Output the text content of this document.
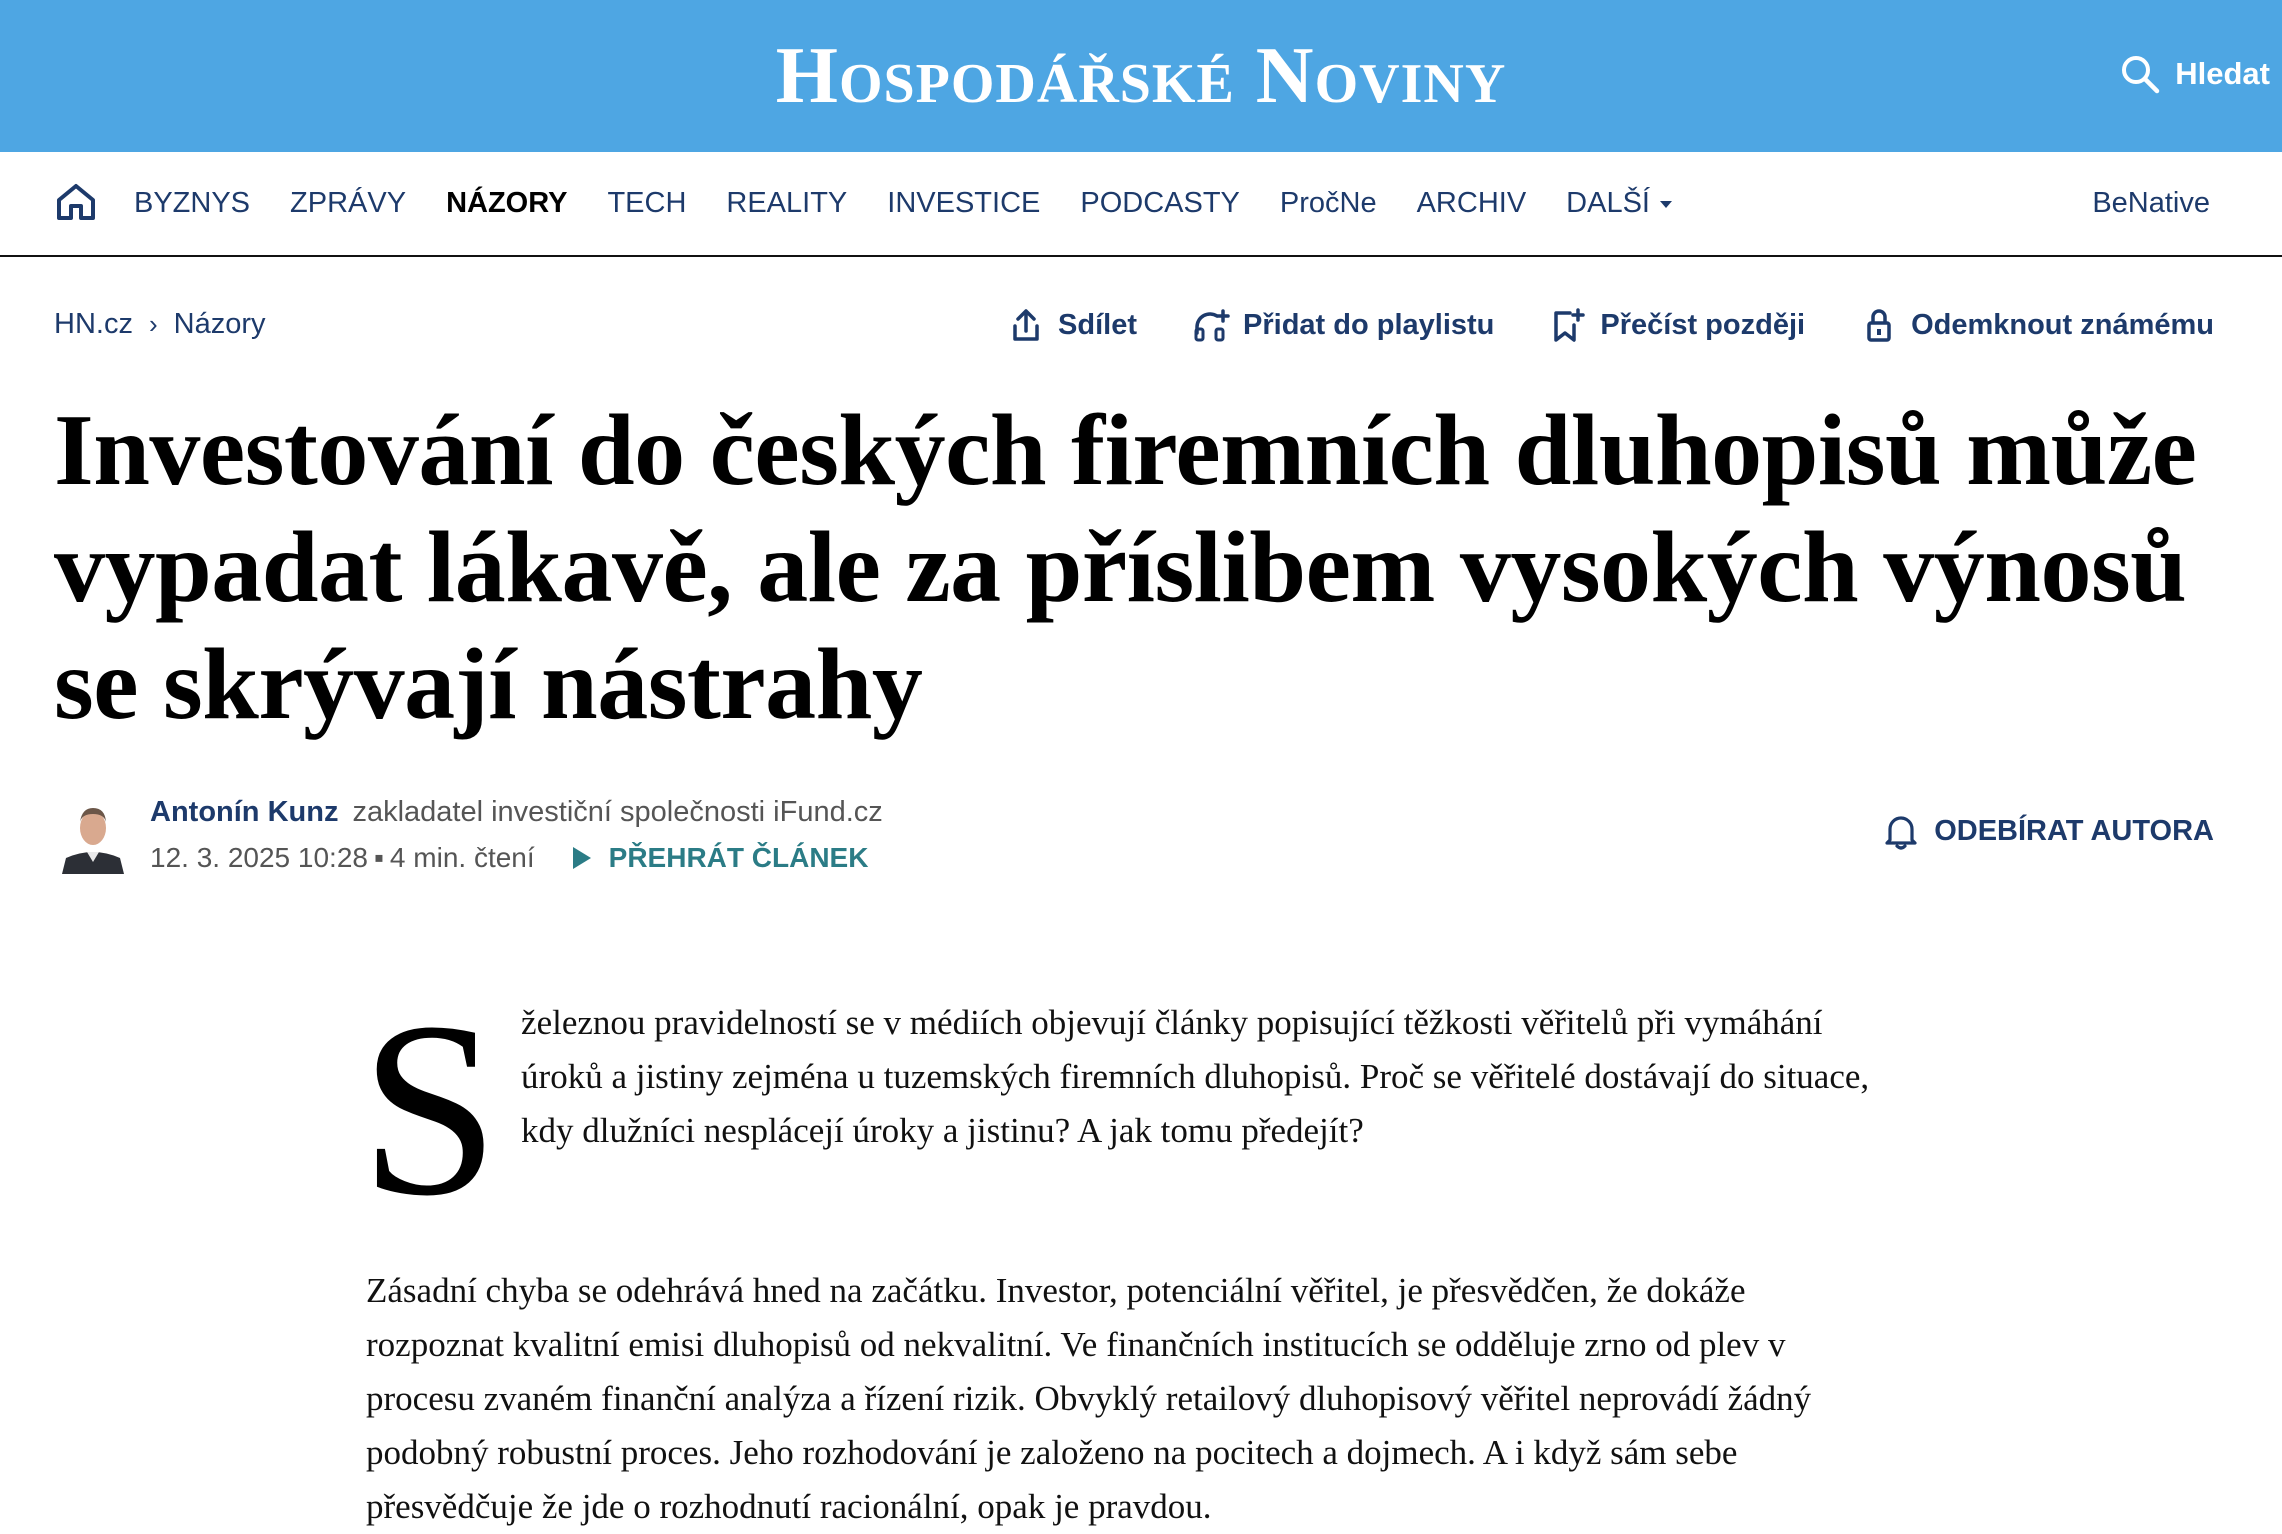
Hospodářské Noviny	Hledat
BYZNYS ZPRÁVY NÁZORY TECH REALITY INVESTICE PODCASTY PročNe ARCHIV DALŠÍ	BeNative
HN.cz › Názory	Sdílet	Přidat do playlistu	Přečíst později	Odemknout známému
Investování do českých firemních dluhopisů může vypadat lákavě, ale za příslibem vysokých výnosů se skrývají nástrahy
Antonín Kunz zakladatel investiční společnosti iFund.cz
12. 3. 2025 10:28 ▪ 4 min. čtení	PŘEHRÁT ČLÁNEK
ODEBÍRAT AUTORA

S železnou pravidelností se v médiích objevují články popisující těžkosti věřitelů při vymáhání úroků a jistiny zejména u tuzemských firemních dluhopisů. Proč se věřitelé dostávají do situace, kdy dlužníci nesplácejí úroky a jistinu? A jak tomu předejít?

Zásadní chyba se odehrává hned na začátku. Investor, potenciální věřitel, je přesvědčen, že dokáže rozpoznat kvalitní emisi dluhopisů od nekvalitní. Ve finančních institucích se odděluje zrno od plev v procesu zvaném finanční analýza a řízení rizik. Obvyklý retailový dluhopisový věřitel neprovádí žádný podobný robustní proces. Jeho rozhodování je založeno na pocitech a dojmech. A i když sám sebe přesvědčuje že jde o rozhodnutí racionální, opak je pravdou.
